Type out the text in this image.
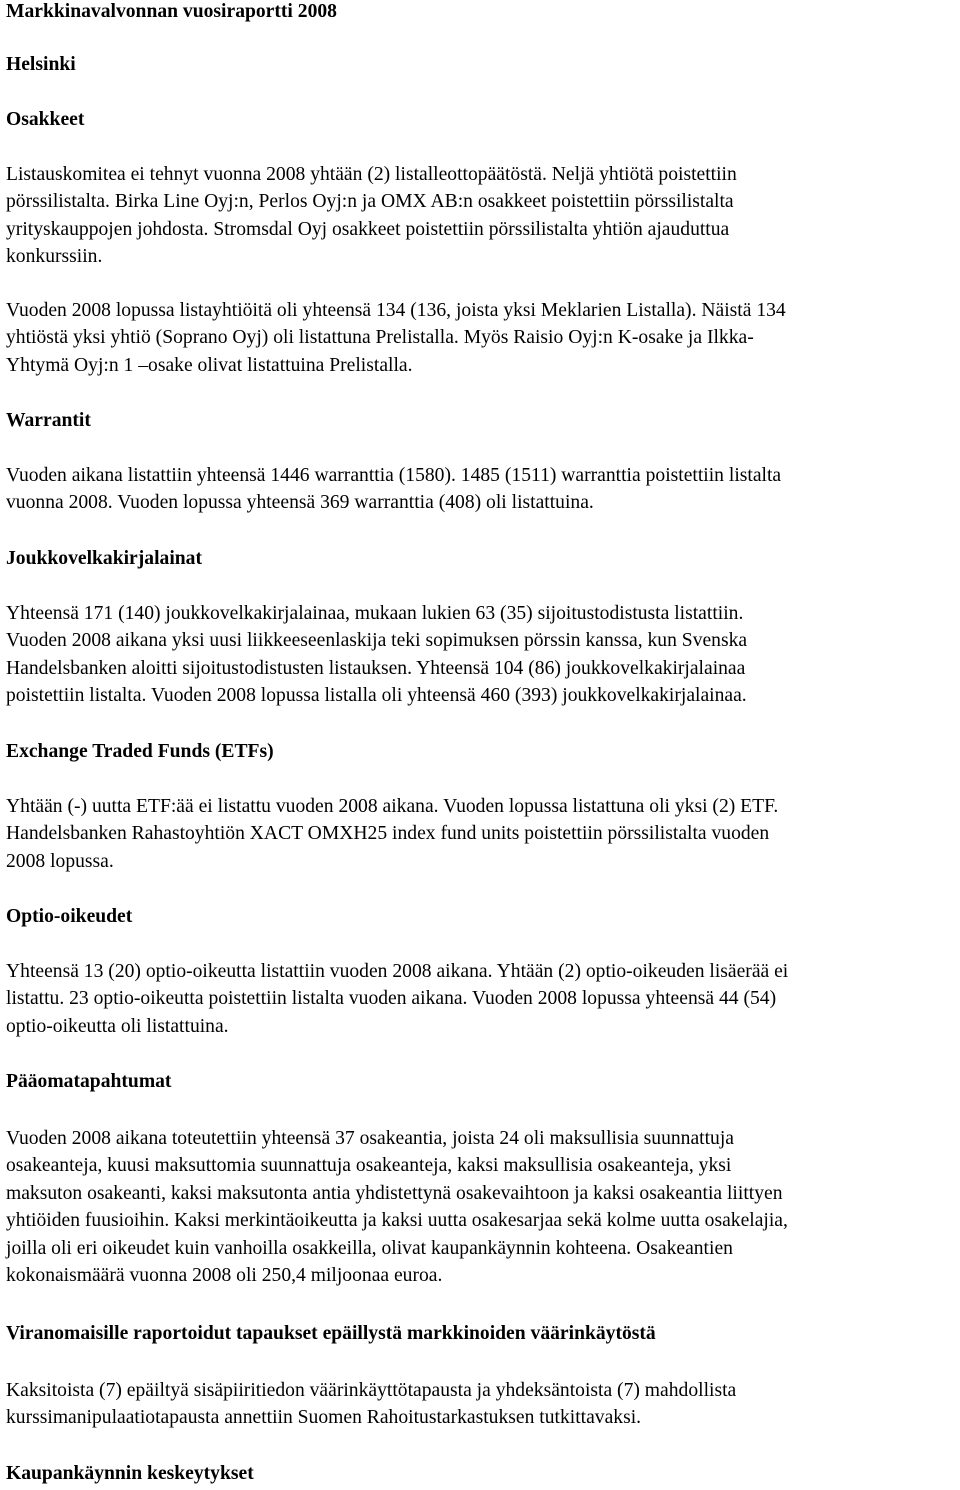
Markkinavalvonnan vuosiraportti 2008
Helsinki
Osakkeet
Listauskomitea ei tehnyt vuonna 2008 yhtään (2) listalleottopäätöstä. Neljä yhtiötä poistettiin
pörssilistalta. Birka Line Oyj:n, Perlos Oyj:n ja OMX AB:n osakkeet poistettiin pörssilistalta
yrityskauppojen johdosta. Stromsdal Oyj osakkeet poistettiin pörssilistalta yhtiön ajauduttua
konkurssiin.
Vuoden 2008 lopussa listayhtiöitä oli yhteensä 134 (136, joista yksi Meklarien Listalla). Näistä 134
yhtiöstä yksi yhtiö (Soprano Oyj) oli listattuna Prelistalla. Myös Raisio Oyj:n K-osake ja Ilkka-
Yhtymä Oyj:n 1 –osake olivat listattuina Prelistalla.
Warrantit
Vuoden aikana listattiin yhteensä 1446 warranttia (1580). 1485 (1511) warranttia poistettiin listalta
vuonna 2008. Vuoden lopussa yhteensä 369 warranttia (408) oli listattuina.
Joukkovelkakirjalainat
Yhteensä 171 (140) joukkovelkakirjalainaa, mukaan lukien 63 (35) sijoitustodistusta listattiin.
Vuoden 2008 aikana yksi uusi liikkeeseenlaskija teki sopimuksen pörssin kanssa, kun Svenska
Handelsbanken aloitti sijoitustodistusten listauksen. Yhteensä 104 (86) joukkovelkakirjalainaa
poistettiin listalta. Vuoden 2008 lopussa listalla oli yhteensä 460 (393) joukkovelkakirjalainaa.
Exchange Traded Funds (ETFs)
Yhtään (-) uutta ETF:ää ei listattu vuoden 2008 aikana. Vuoden lopussa listattuna oli yksi (2) ETF.
Handelsbanken Rahastoyhtiön XACT OMXH25 index fund units poistettiin pörssilistalta vuoden
2008 lopussa.
Optio-oikeudet
Yhteensä 13 (20) optio-oikeutta listattiin vuoden 2008 aikana. Yhtään (2) optio-oikeuden lisäerää ei
listattu. 23 optio-oikeutta poistettiin listalta vuoden aikana. Vuoden 2008 lopussa yhteensä 44 (54)
optio-oikeutta oli listattuina.
Pääomatapahtumat
Vuoden 2008 aikana toteutettiin yhteensä 37 osakeantia, joista 24 oli maksullisia suunnattuja
osakeanteja, kuusi maksuttomia suunnattuja osakeanteja, kaksi maksullisia osakeanteja, yksi
maksuton osakeanti, kaksi maksutonta antia yhdistettynä osakevaihtoon ja kaksi osakeantia liittyen
yhtiöiden fuusioihin. Kaksi merkintäoikeutta ja kaksi uutta osakesarjaa sekä kolme uutta osakelajia,
joilla oli eri oikeudet kuin vanhoilla osakkeilla, olivat kaupankäynnin kohteena. Osakeantien
kokonaismäärä vuonna 2008 oli 250,4 miljoonaa euroa.
Viranomaisille raportoidut tapaukset epäillystä markkinoiden väärinkäytöstä
Kaksitoista (7) epäiltyä sisäpiiritiedon väärinkäyttötapausta ja yhdeksäntoista (7) mahdollista
kurssimanipulaatiotapausta annettiin Suomen Rahoitustarkastuksen tutkittavaksi.
Kaupankäynnin keskeytykset
